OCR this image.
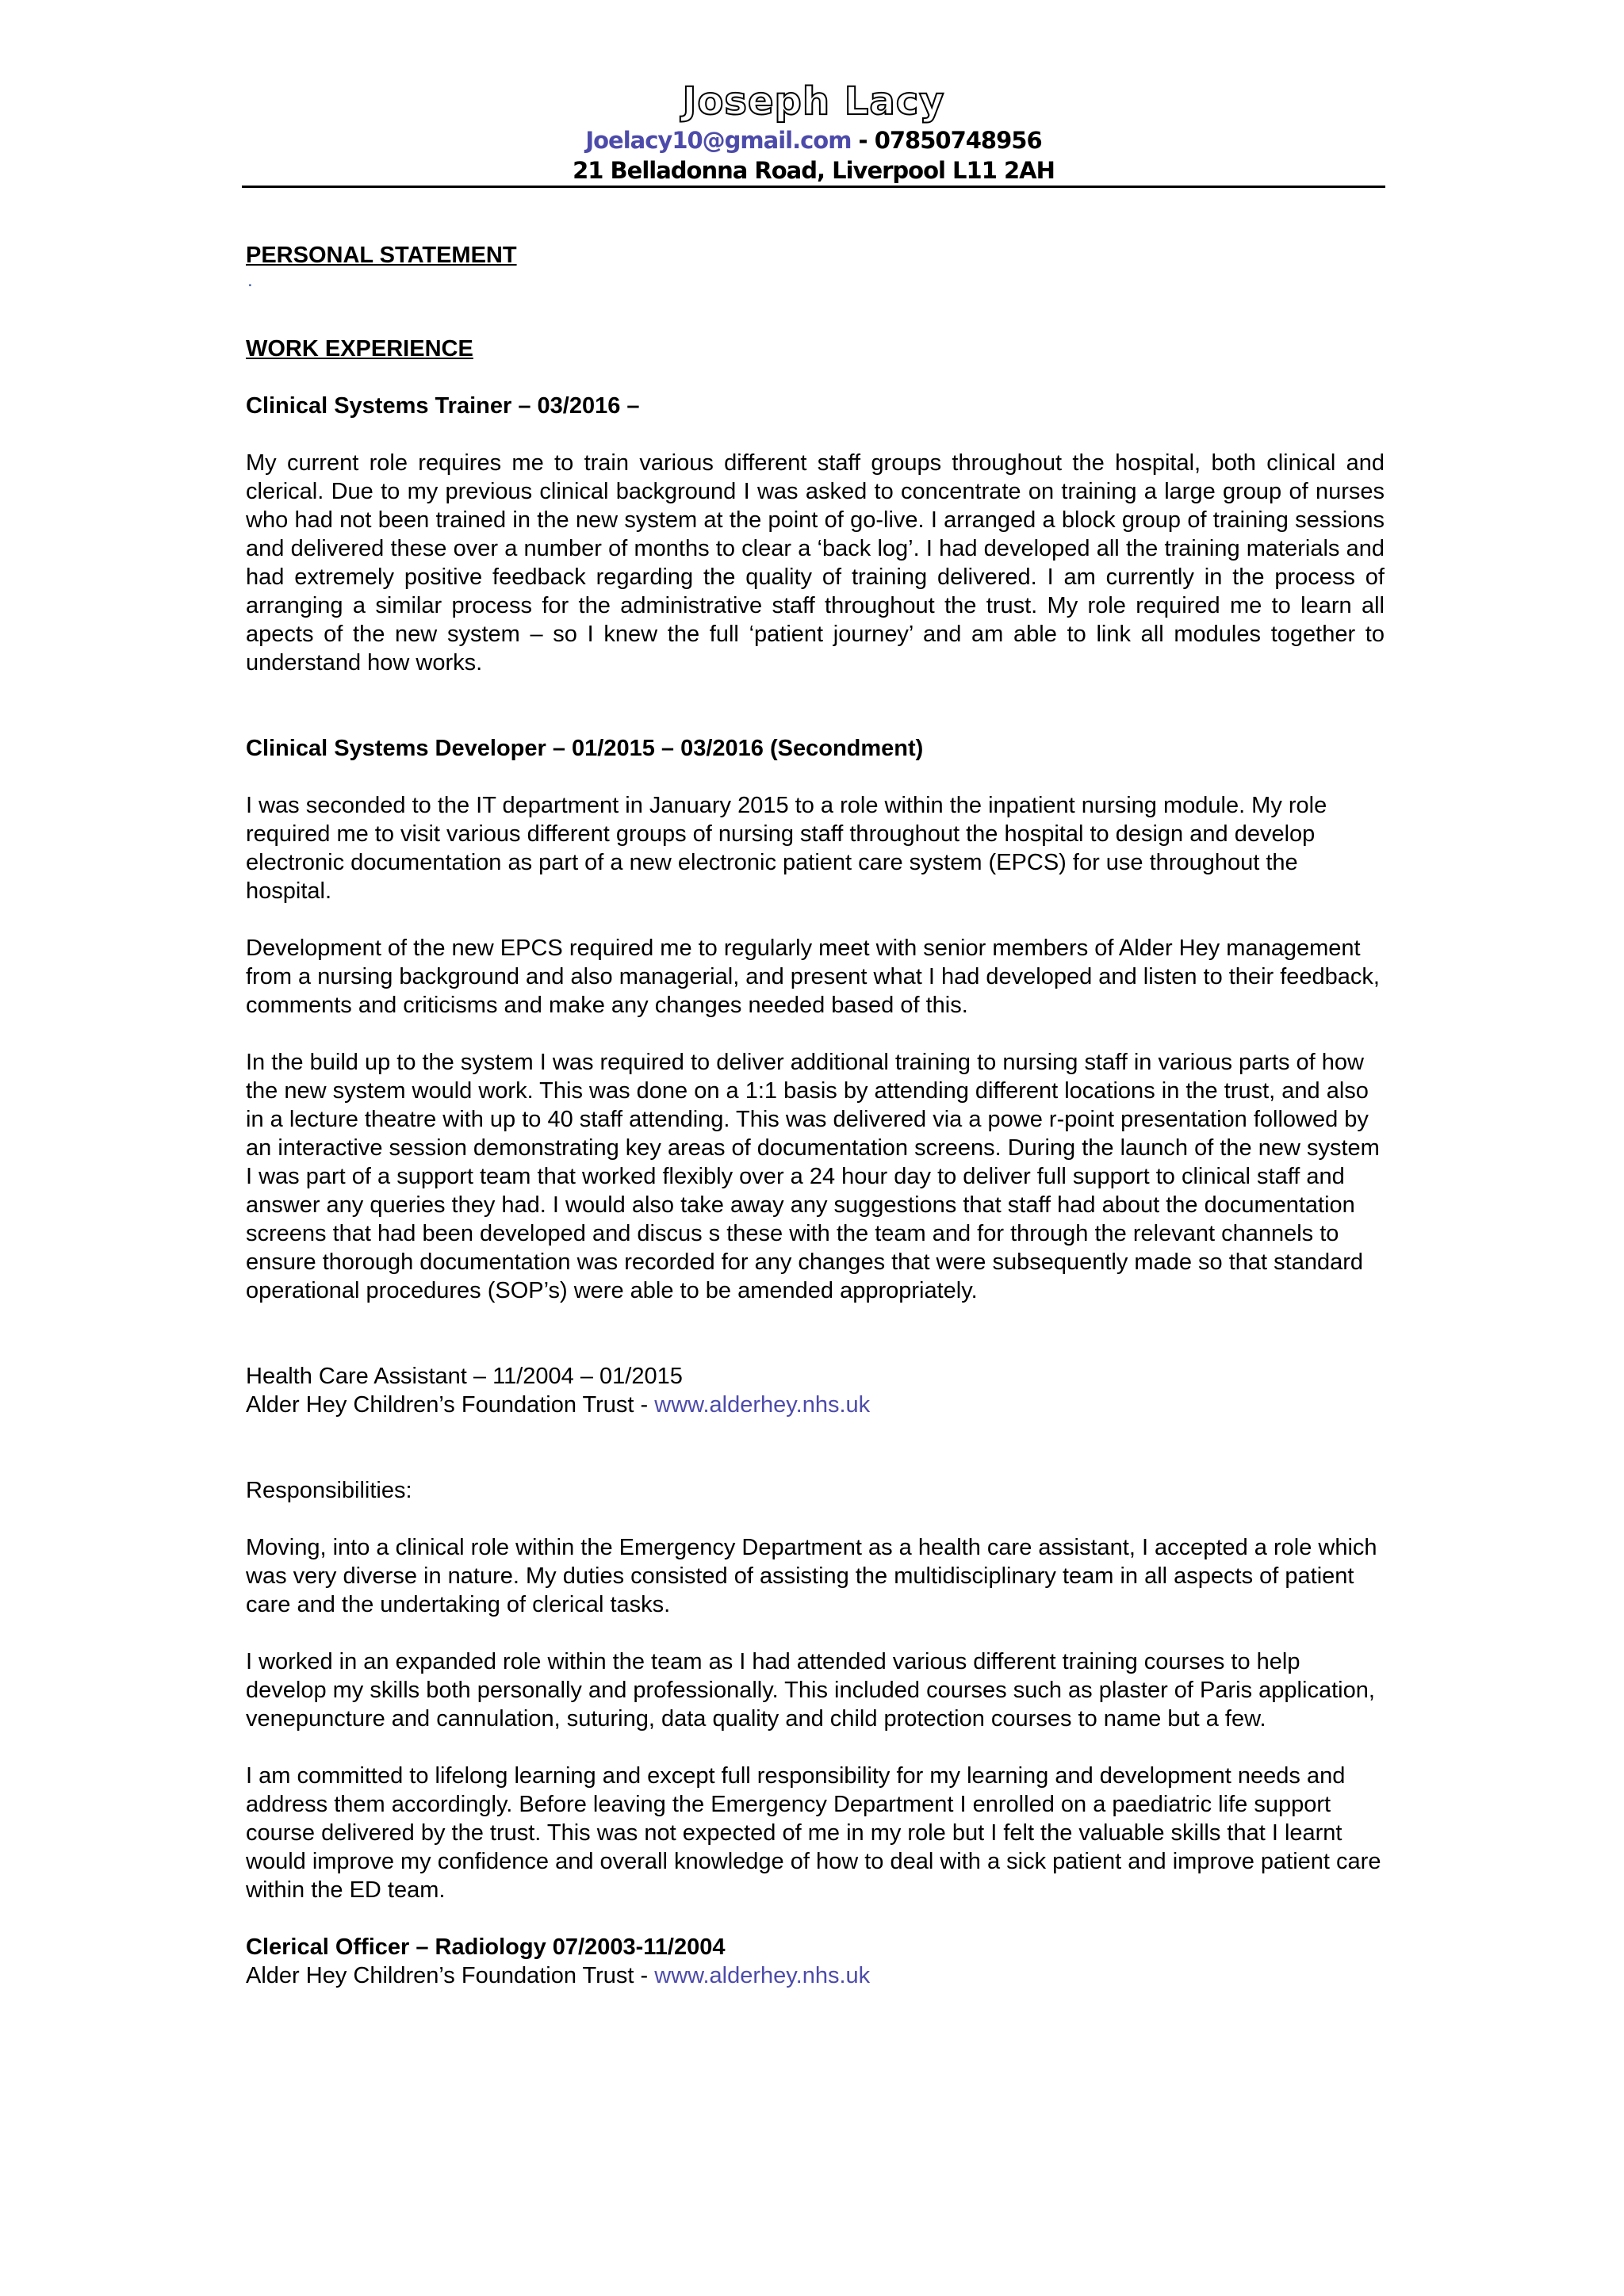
Joseph Lacy
Joelacy10@gmail.com - 07850748956
21 Belladonna Road, Liverpool L11 2AH
PERSONAL STATEMENT
.
WORK EXPERIENCE
Clinical Systems Trainer – 03/2016 –
My current role requires me to train various different staff groups throughout the hospital, both clinical and clerical. Due to my previous clinical background I was asked to concentrate on training a large group of nurses who had not been trained in the new system at the point of go-live. I arranged a block group of training sessions and delivered these over a number of months to clear a ‘back log’. I had developed all the training materials and had extremely positive feedback regarding the quality of training delivered. I am currently in the process of arranging a similar process for the administrative staff throughout the trust. My role required me to learn all apects of the new system – so I knew the full ‘patient journey’ and am able to link all modules together to understand how works.
Clinical Systems Developer – 01/2015 – 03/2016 (Secondment)
I was seconded to the IT department in January 2015 to a role within the inpatient nursing module. My role required me to visit various different groups of nursing staff throughout the hospital to design and develop electronic documentation as part of a new electronic patient care system (EPCS) for use throughout the hospital.
Development of the new EPCS required me to regularly meet with senior members of Alder Hey management from a nursing background and also managerial, and present what I had developed and listen to their feedback, comments and criticisms and make any changes needed based of this.
In the build up to the system I was required to deliver additional training to nursing staff in various parts of how the new system would work. This was done on a 1:1 basis by attending different locations in the trust, and also in a lecture theatre with up to 40 staff attending. This was delivered via a powe r-point presentation followed by an interactive session demonstrating key areas of documentation screens. During the launch of the new system I was part of a support team that worked flexibly over a 24 hour day to deliver full support to clinical staff and answer any queries they had. I would also take away any suggestions that staff had about the documentation screens that had been developed and discus s these with the team and for through the relevant channels to ensure thorough documentation was recorded for any changes that were subsequently made so that standard operational procedures (SOP’s) were able to be amended appropriately.
Health Care Assistant – 11/2004 – 01/2015
Alder Hey Children’s Foundation Trust - www.alderhey.nhs.uk
Responsibilities:
Moving, into a clinical role within the Emergency Department as a health care assistant, I accepted a role which was very diverse in nature. My duties consisted of assisting the multidisciplinary team in all aspects of patient care and the undertaking of clerical tasks.
I worked in an expanded role within the team as I had attended various different training courses to help develop my skills both personally and professionally. This included courses such as plaster of Paris application, venepuncture and cannulation, suturing, data quality and child protection courses to name but a few.
I am committed to lifelong learning and except full responsibility for my learning and development needs and address them accordingly. Before leaving the Emergency Department I enrolled on a paediatric life support course delivered by the trust. This was not expected of me in my role but I felt the valuable skills that I learnt would improve my confidence and overall knowledge of how to deal with a sick patient and improve patient care within the ED team.
Clerical Officer – Radiology 07/2003-11/2004
Alder Hey Children’s Foundation Trust - www.alderhey.nhs.uk
